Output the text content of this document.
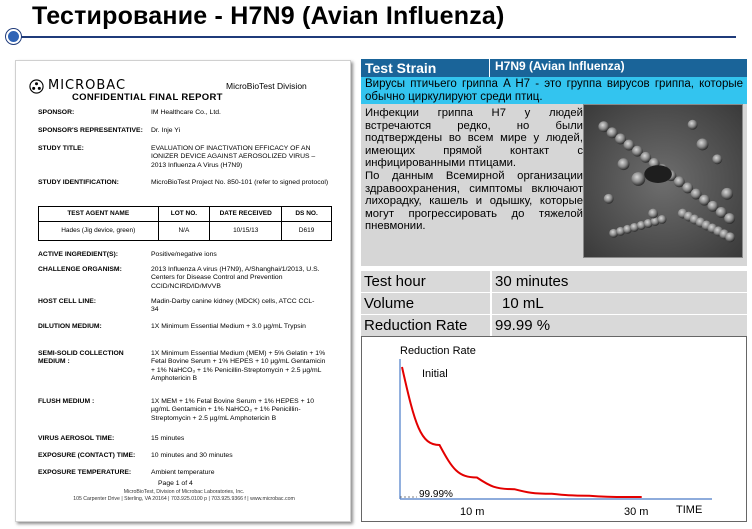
Тестирование - H7N9 (Avian Influenza)
MICROBAC	MicroBioTest Division
CONFIDENTIAL FINAL REPORT
SPONSOR:	IM Healthcare Co., Ltd.
SPONSOR'S REPRESENTATIVE: Dr. Inje Yi
STUDY TITLE:	EVALUATION OF INACTIVATION EFFICACY OF AN IONIZER DEVICE AGAINST AEROSOLIZED VIRUS – 2013 Influenza A Virus (H7N9)
STUDY IDENTIFICATION:	MicroBioTest Project No. 850-101 (refer to signed protocol)
TEST AGENT NAME	LOT NO.	DATE RECEIVED	DS NO.
Hades (Jig device, green)	N/A	10/15/13	D619
ACTIVE INGREDIENT(S):	Positive/negative ions
CHALLENGE ORGANISM:	2013 Influenza A virus (H7N9), A/Shanghai/1/2013, U.S. Centers for Disease Control and Prevention CCID/NCIRD/ID/MVVB
HOST CELL LINE:	Madin-Darby canine kidney (MDCK) cells, ATCC CCL-34
DILUTION MEDIUM:	1X Minimum Essential Medium + 3.0 µg/mL Trypsin
SEMI-SOLID COLLECTION MEDIUM :
1X Minimum Essential Medium (MEM) + 5% Gelatin + 1% Fetal Bovine Serum + 1% HEPES + 10 µg/mL Gentamicin + 1% NaHCO₃ + 1% Penicillin-Streptomycin + 2.5 µg/mL Amphotericin B
FLUSH MEDIUM :	1X MEM + 1% Fetal Bovine Serum + 1% HEPES + 10 µg/mL Gentamicin + 1% NaHCO₃ + 1% Penicillin-Streptomycin + 2.5 µg/mL Amphotericin B
VIRUS AEROSOL TIME:	15 minutes
EXPOSURE (CONTACT) TIME: 10 minutes and 30 minutes
EXPOSURE TEMPERATURE:	Ambient temperature
Page 1 of 4
MicroBioTest, Division of Microbac Laboratories, Inc.
105 Carpenter Drive | Sterling, VA 20164 | 703.925.0100 p | 703.925.9366 f | www.microbac.com
Test Strain	H7N9 (Avian Influenza)
Вирусы птичьего гриппа A H7 - это группа вирусов гриппа, которые обычно циркулируют среди птиц.

Инфекции гриппа H7 у людей встречаются редко, но были подтверждены во всем мире у людей, имеющих прямой контакт с инфицированными птицами.

По данным Всемирной организации здравоохранения, симптомы включают лихорадку, кашель и одышку, которые могут прогрессировать до тяжелой пневмонии.

Test hour	30 minutes
Volume	10 mL
Reduction Rate	99.99 %
Reduction Rate
Initial
99.99%
10 m	30 m	TIME
